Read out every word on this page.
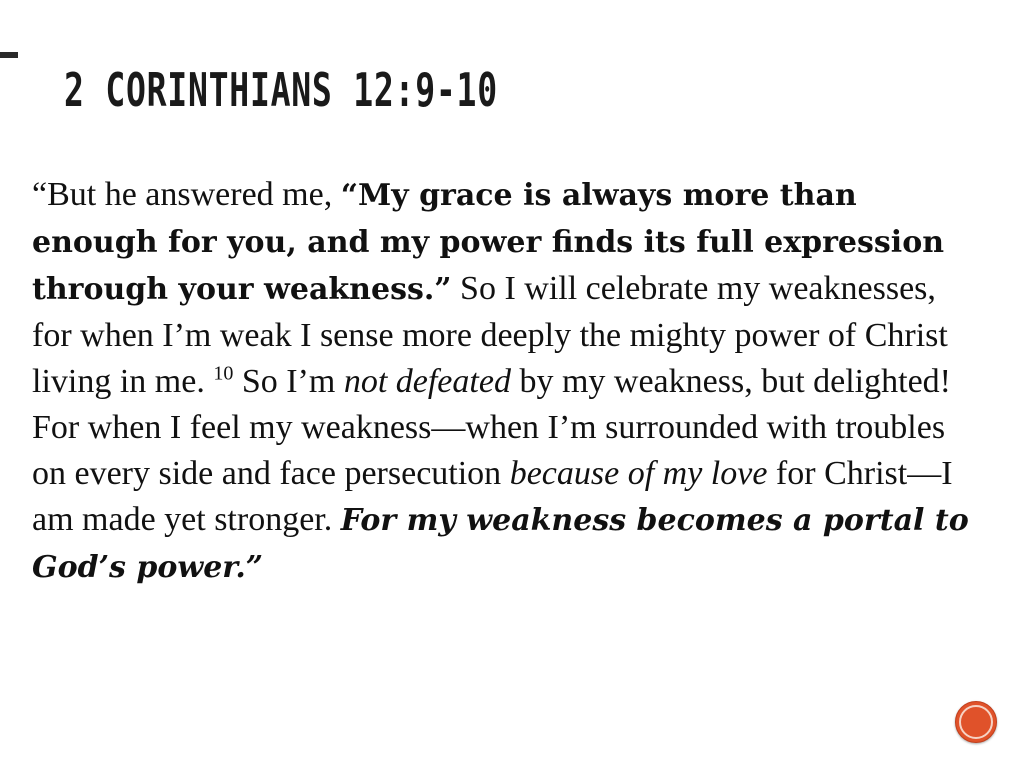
2 CORINTHIANS 12:9-10

“But he answered me, “My grace is always more than enough for you, and my power finds its full expression through your weakness.” So I will celebrate my weaknesses, for when I’m weak I sense more deeply the mighty power of Christ living in me. $^{10}$ So I’m not defeated by my weakness, but delighted! For when I feel my weakness—when I’m surrounded with troubles on every side and face persecution because of my love for Christ—I am made yet stronger. For my weakness becomes a portal to God’s power.”
